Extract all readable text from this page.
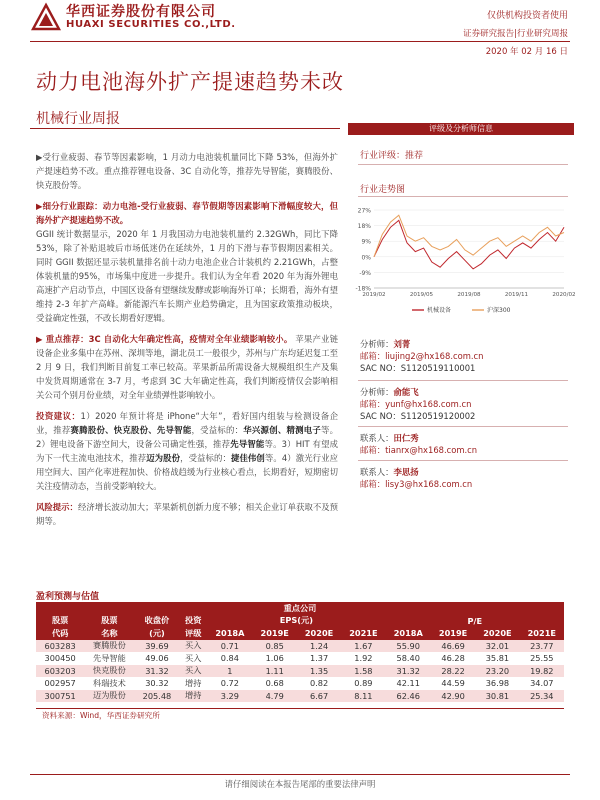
华西证券股份有限公司
HUAXI SECURITIES CO.,LTD.
仅供机构投资者使用
证券研究报告|行业研究周报
2020 年 02 月 16 日
动力电池海外扩产提速趋势未改
机械行业周报

▶受行业疲弱、春节等因素影响，1 月动力电池装机量同比下降 53%，但海外扩产提速趋势不改。重点推荐锂电设备、3C 自动化等，推荐先导智能，赛腾股份、快克股份等。

▶细分行业跟踪：动力电池-受行业疲弱、春节假期等因素影响下滑幅度较大，但海外扩产提速趋势不改。
GGII 统计数据显示，2020 年 1 月我国动力电池装机量约 2.32GWh，同比下降 53%，除了补贴退坡后市场低迷仍在延续外，1 月的下滑与春节假期因素相关。同时 GGII 数据还显示装机量排名前十动力电池企业合计装机约 2.21GWh，占整体装机量的95%，市场集中度进一步提升。我们认为全年看 2020 年为海外锂电高速扩产启动节点，中国区设备有望继续发酵或影响海外订单；长期看，海外有望维持 2-3 年扩产高峰。新能源汽车长期产业趋势确定，且为国家政策推动板块，受益确定性强，不改长期看好逻辑。

▶ 重点推荐：3C 自动化大年确定性高，疫情对全年业绩影响较小。 苹果产业链设备企业多集中在苏州、深圳等地，湖北员工一般很少，苏州与广东均延迟复工至 2 月 9 日，我们判断目前复工率已较高。苹果新品所需设备大规模组织生产及集中发货周期通常在 3-7 月，考虑到 3C 大年确定性高，我们判断疫情仅会影响相关公司个别月份业绩，对全年业绩弹性影响较小。

投资建议：1）2020 年预计将是 iPhone“大年”，看好国内组装与检测设备企业，推荐赛腾股份、快克股份、先导智能，受益标的：华兴源创、精测电子等。2）锂电设备下游空间大，设备公司确定性强，推荐先导智能等。3）HIT 有望成为下一代主流电池技术，推荐迈为股份，受益标的：捷佳伟创等。4）激光行业应用空间大、国产化率进程加快、价格战趋缓为行业核心看点，长期看好，短期密切关注疫情动态，当前受影响较大。

风险提示：经济增长波动加大；苹果新机创新力度不够；相关企业订单获取不及预期等。

评级及分析师信息
行业评级：推荐
行业走势图
27%
18%
9%
0%
-9%
-18%
2019/02	2019/05	2019/08	2019/11	2020/02
机械设备	沪深300
分析师：刘菁
邮箱：liujing2@hx168.com.cn
SAC NO：S1120519110001
分析师：俞能飞
邮箱：yunf@hx168.com.cn
SAC NO：S1120519120002
联系人：田仁秀
邮箱：tianrx@hx168.com.cn
联系人：李思扬
邮箱：lisy3@hx168.com.cn
盈利预测与估值
重点公司											
股票	股票	收盘价	投资	EPS(元)				P/E			
代码	名称	(元)	评级	2018A	2019E	2020E	2021E	2018A	2019E	2020E	2021E
603283	赛腾股份	39.69	买入	0.71	0.85	1.24	1.67	55.90	46.69	32.01	23.77
300450	先导智能	49.06	买入	0.84	1.06	1.37	1.92	58.40	46.28	35.81	25.55
603203	快克股份	31.32	买入	1	1.11	1.35	1.58	31.32	28.22	23.20	19.82
002957	科瑞技术	30.32	增持	0.72	0.68	0.82	0.89	42.11	44.59	36.98	34.07
300751	迈为股份	205.48	增持	3.29	4.79	6.67	8.11	62.46	42.90	30.81	25.34
资料来源：Wind，华西证券研究所
请仔细阅读在本报告尾部的重要法律声明
